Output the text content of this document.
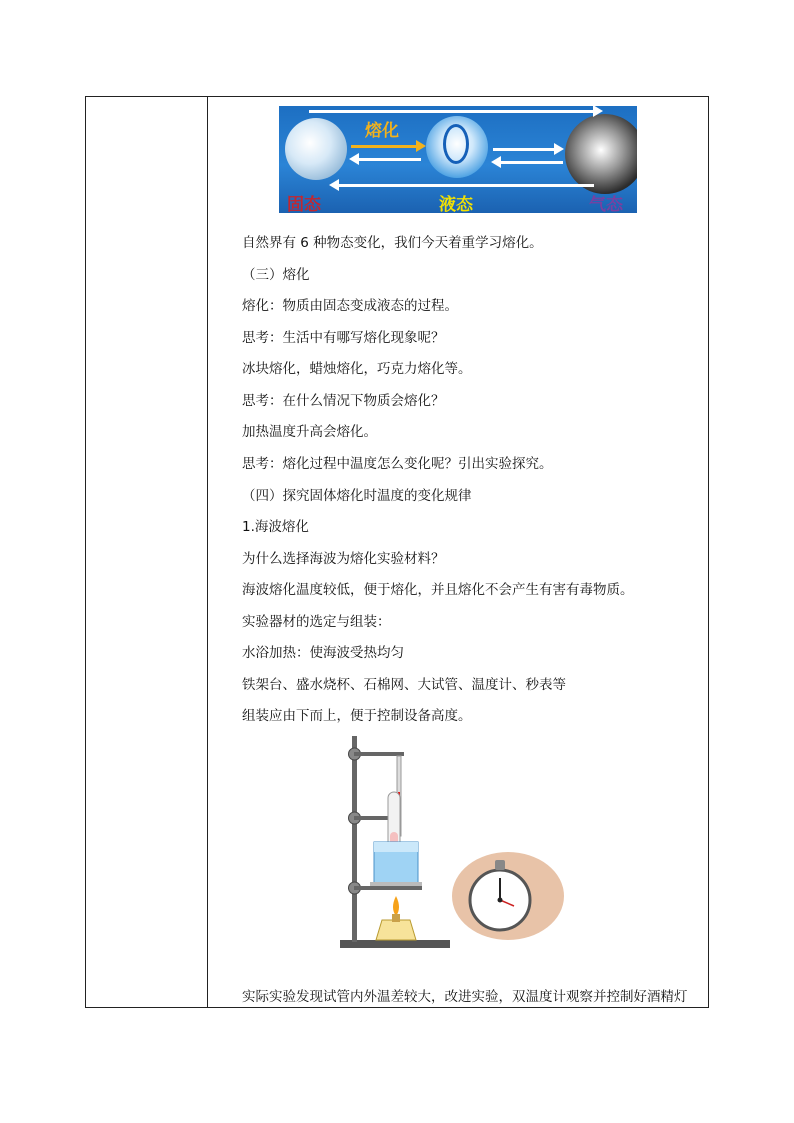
熔化
固态	液态	气态
自然界有 6 种物态变化，我们今天着重学习熔化。
（三）熔化
熔化：物质由固态变成液态的过程。
思考：生活中有哪写熔化现象呢？
冰块熔化，蜡烛熔化，巧克力熔化等。
思考：在什么情况下物质会熔化？
加热温度升高会熔化。
思考：熔化过程中温度怎么变化呢？引出实验探究。
（四）探究固体熔化时温度的变化规律
1.海波熔化
为什么选择海波为熔化实验材料？
海波熔化温度较低，便于熔化，并且熔化不会产生有害有毒物质。
实验器材的选定与组装：
水浴加热：使海波受热均匀
铁架台、盛水烧杯、石棉网、大试管、温度计、秒表等
组装应由下而上，便于控制设备高度。
实际实验发现试管内外温差较大，改进实验，双温度计观察并控制好酒精灯
